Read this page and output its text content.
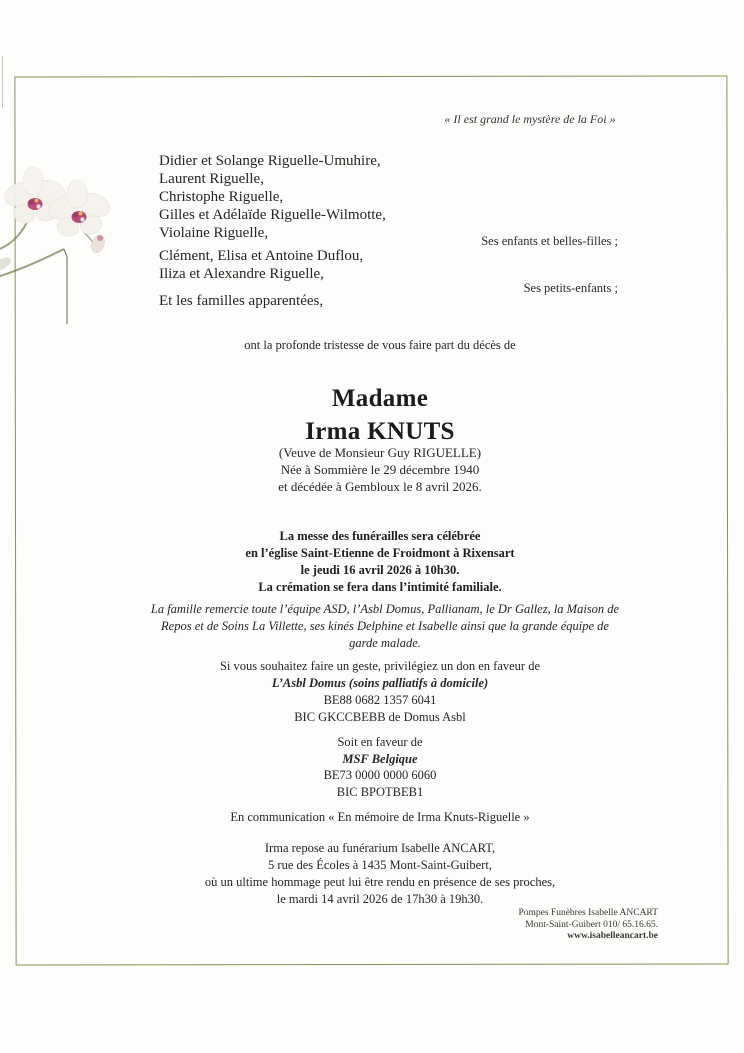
« Il est grand le mystère de la Foi »
Didier et Solange Riguelle-Umuhire,
Laurent Riguelle,
Christophe Riguelle,
Gilles et Adélaïde Riguelle-Wilmotte,
Violaine Riguelle,	Ses enfants et belles-filles ;
Clément, Elisa et Antoine Duflou,
Iliza et Alexandre Riguelle,
Ses petits-enfants ;
Et les familles apparentées,
ont la profonde tristesse de vous faire part du décès de
Madame
Irma KNUTS
(Veuve de Monsieur Guy RIGUELLE)
Née à Sommière le 29 décembre 1940
et décédée à Gembloux le 8 avril 2026.
La messe des funérailles sera célébrée
en l’église Saint-Etienne de Froidmont à Rixensart
le jeudi 16 avril 2026 à 10h30.
La crémation se fera dans l’intimité familiale.
La famille remercie toute l’équipe ASD, l’Asbl Domus, Pallianam, le Dr Gallez, la Maison de Repos et de Soins La Villette, ses kinés Delphine et Isabelle ainsi que la grande équipe de garde malade.
Si vous souhaitez faire un geste, privilégiez un don en faveur de
L’Asbl Domus (soins palliatifs à domicile)
BE88 0682 1357 6041
BIC GKCCBEBB de Domus Asbl
Soit en faveur de
MSF Belgique
BE73 0000 0000 6060
BIC BPOTBEB1
En communication « En mémoire de Irma Knuts-Riguelle »
Irma repose au funérarium Isabelle ANCART,
5 rue des Écoles à 1435 Mont-Saint-Guibert,
où un ultime hommage peut lui être rendu en présence de ses proches,
le mardi 14 avril 2026 de 17h30 à 19h30.
Pompes Funèbres Isabelle ANCART
Mont-Saint-Guibert 010/ 65.16.65.
www.isabelleancart.be
